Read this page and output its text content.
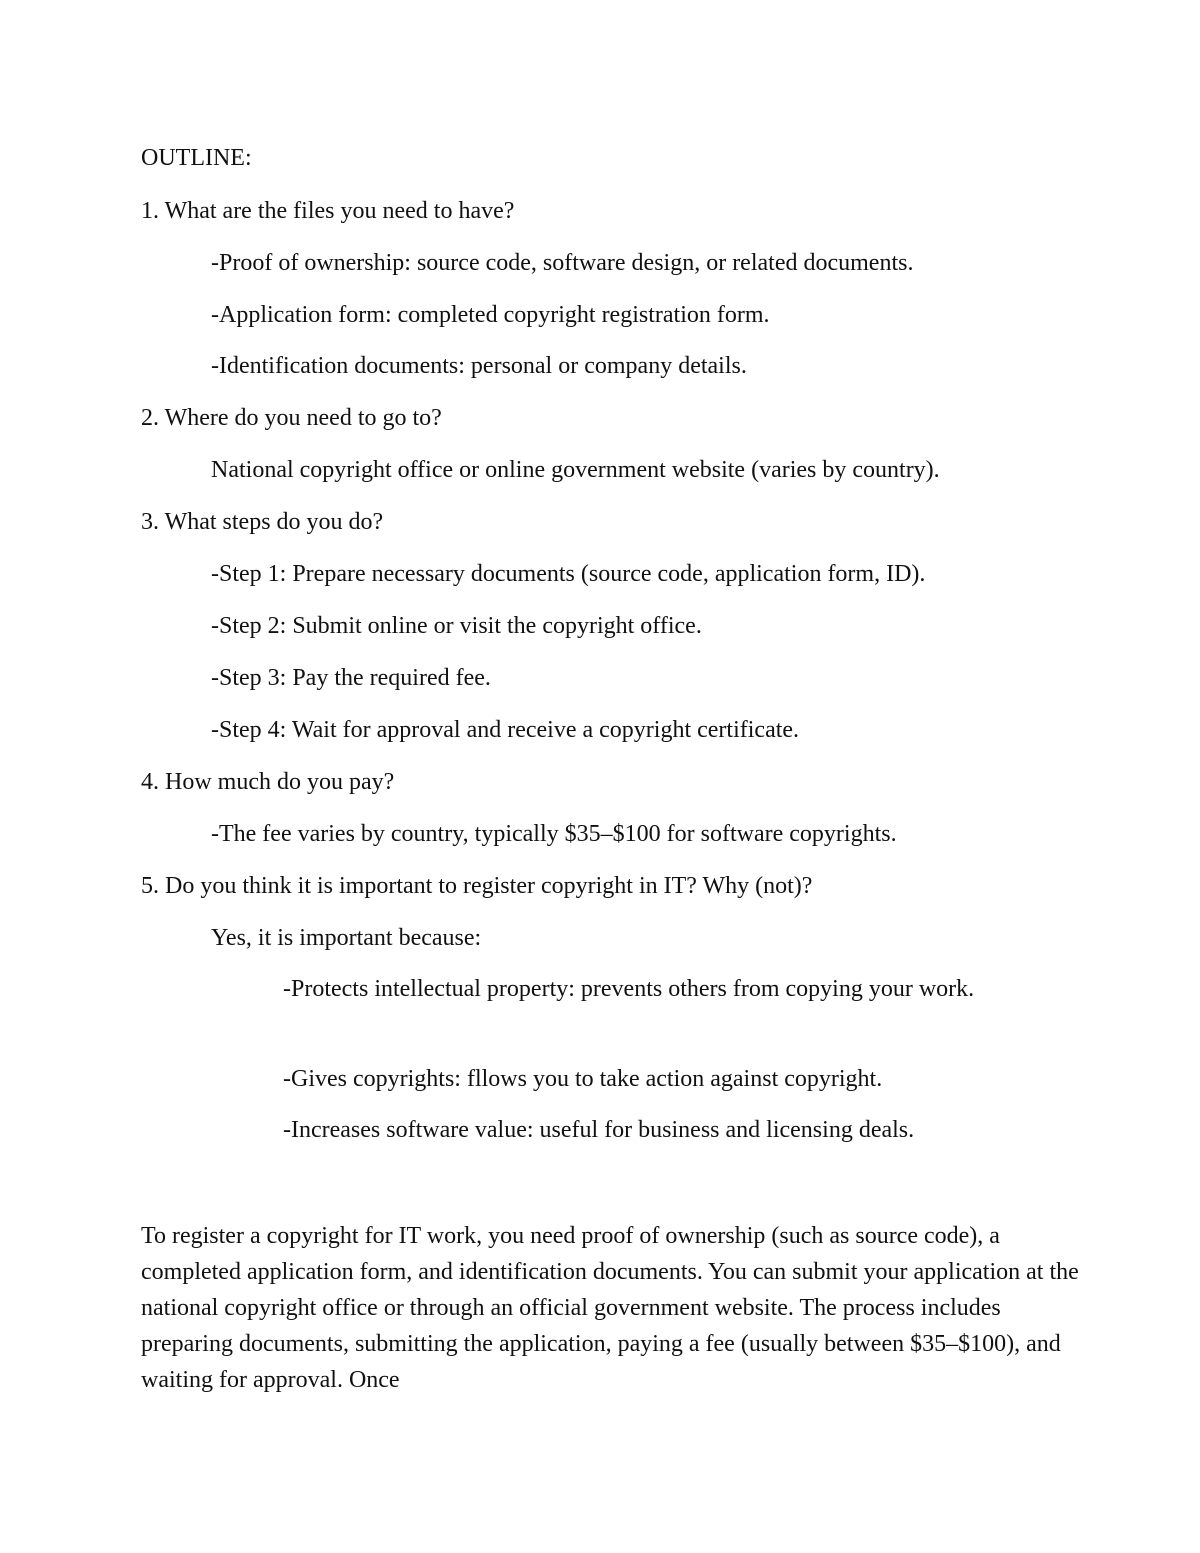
OUTLINE:
1. What are the files you need to have?
-Proof of ownership: source code, software design, or related documents.
-Application form: completed copyright registration form.
-Identification documents: personal or company details.
2. Where do you need to go to?
National copyright office or online government website (varies by country).
3. What steps do you do?
-Step 1: Prepare necessary documents (source code, application form, ID).
-Step 2: Submit online or visit the copyright office.
-Step 3: Pay the required fee.
-Step 4: Wait for approval and receive a copyright certificate.
4. How much do you pay?
-The fee varies by country, typically $35–$100 for software copyrights.
5. Do you think it is important to register copyright in IT? Why (not)?
Yes, it is important because:
-Protects intellectual property: prevents others from copying your work.
-Gives copyrights: fllows you to take action against copyright.
-Increases software value: useful for business and licensing deals.
To register a copyright for IT work, you need proof of ownership (such as source code), a completed application form, and identification documents. You can submit your application at the national copyright office or through an official government website. The process includes preparing documents, submitting the application, paying a fee (usually between $35–$100), and waiting for approval. Once
